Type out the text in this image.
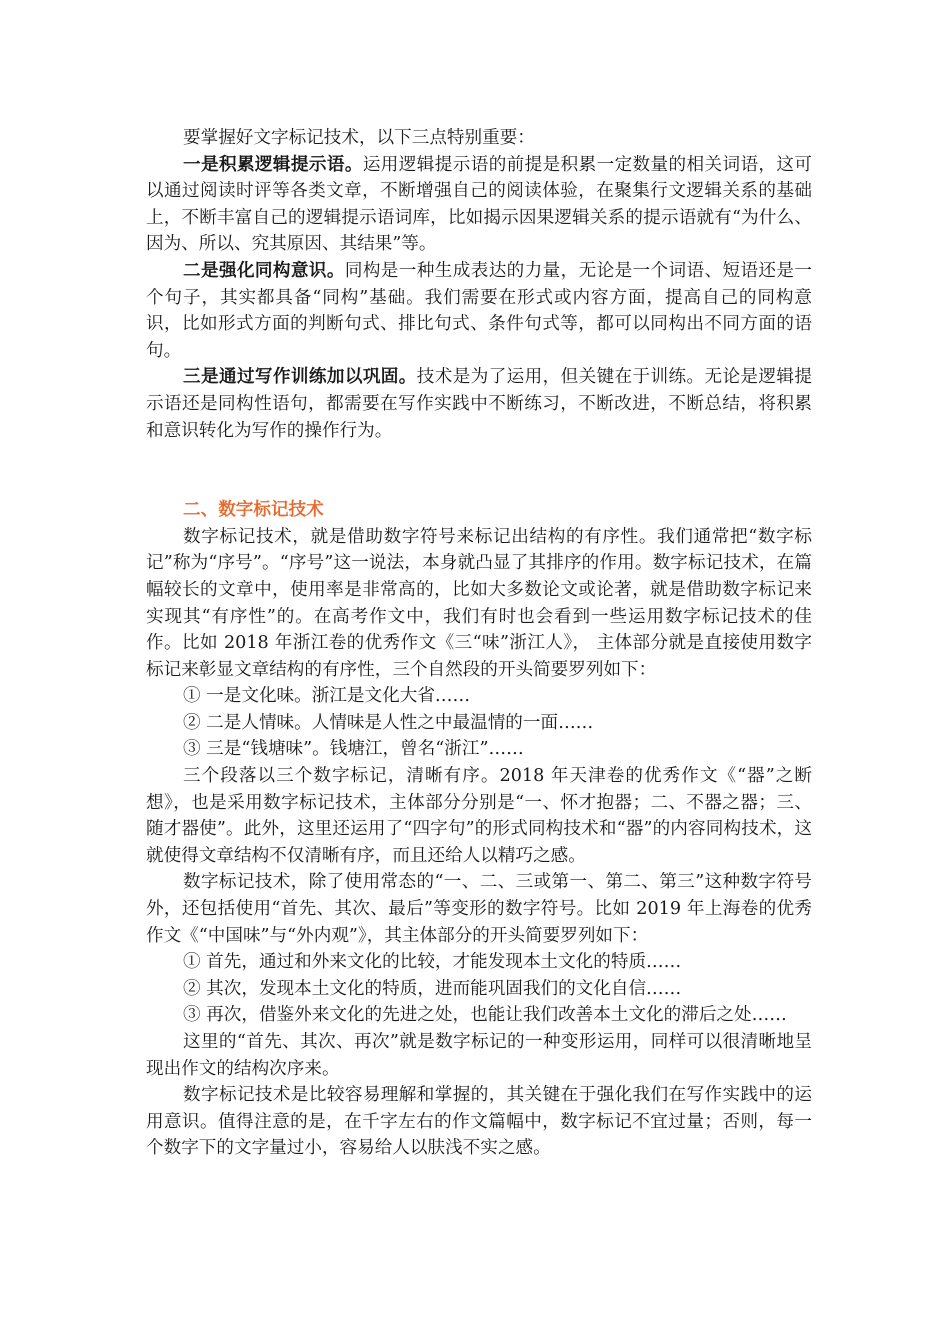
要掌握好文字标记技术，以下三点特别重要：

一是积累逻辑提示语。运用逻辑提示语的前提是积累一定数量的相关词语，这可以通过阅读时评等各类文章，不断增强自己的阅读体验，在聚集行文逻辑关系的基础上，不断丰富自己的逻辑提示语词库，比如揭示因果逻辑关系的提示语就有“为什么、因为、所以、究其原因、其结果”等。

二是强化同构意识。同构是一种生成表达的力量，无论是一个词语、短语还是一个句子，其实都具备“同构”基础。我们需要在形式或内容方面，提高自己的同构意识，比如形式方面的判断句式、排比句式、条件句式等，都可以同构出不同方面的语句。

三是通过写作训练加以巩固。技术是为了运用，但关键在于训练。无论是逻辑提示语还是同构性语句，都需要在写作实践中不断练习，不断改进，不断总结，将积累和意识转化为写作的操作行为。

二、数字标记技术

数字标记技术，就是借助数字符号来标记出结构的有序性。我们通常把“数字标记”称为“序号”。“序号”这一说法，本身就凸显了其排序的作用。数字标记技术，在篇幅较长的文章中，使用率是非常高的，比如大多数论文或论著，就是借助数字标记来实现其“有序性”的。在高考作文中，我们有时也会看到一些运用数字标记技术的佳作。比如 2018 年浙江卷的优秀作文《三“味”浙江人》， 主体部分就是直接使用数字标记来彰显文章结构的有序性，三个自然段的开头简要罗列如下：

① 一是文化味。浙江是文化大省……

② 二是人情味。人情味是人性之中最温情的一面……

③ 三是“钱塘味”。钱塘江，曾名“浙江”……

三个段落以三个数字标记，清晰有序。2018 年天津卷的优秀作文《“器”之断想》，也是采用数字标记技术，主体部分分别是“一、怀才抱器；二、不器之器；三、随才器使”。此外，这里还运用了“四字句”的形式同构技术和“器”的内容同构技术，这就使得文章结构不仅清晰有序，而且还给人以精巧之感。

数字标记技术，除了使用常态的“一、二、三或第一、第二、第三”这种数字符号外，还包括使用“首先、其次、最后”等变形的数字符号。比如 2019 年上海卷的优秀作文《“中国味”与“外内观”》，其主体部分的开头简要罗列如下：

① 首先，通过和外来文化的比较，才能发现本土文化的特质……

② 其次，发现本土文化的特质，进而能巩固我们的文化自信……

③ 再次，借鉴外来文化的先进之处，也能让我们改善本土文化的滞后之处……

这里的“首先、其次、再次”就是数字标记的一种变形运用，同样可以很清晰地呈现出作文的结构次序来。

数字标记技术是比较容易理解和掌握的，其关键在于强化我们在写作实践中的运用意识。值得注意的是，在千字左右的作文篇幅中，数字标记不宜过量；否则，每一个数字下的文字量过小，容易给人以肤浅不实之感。
